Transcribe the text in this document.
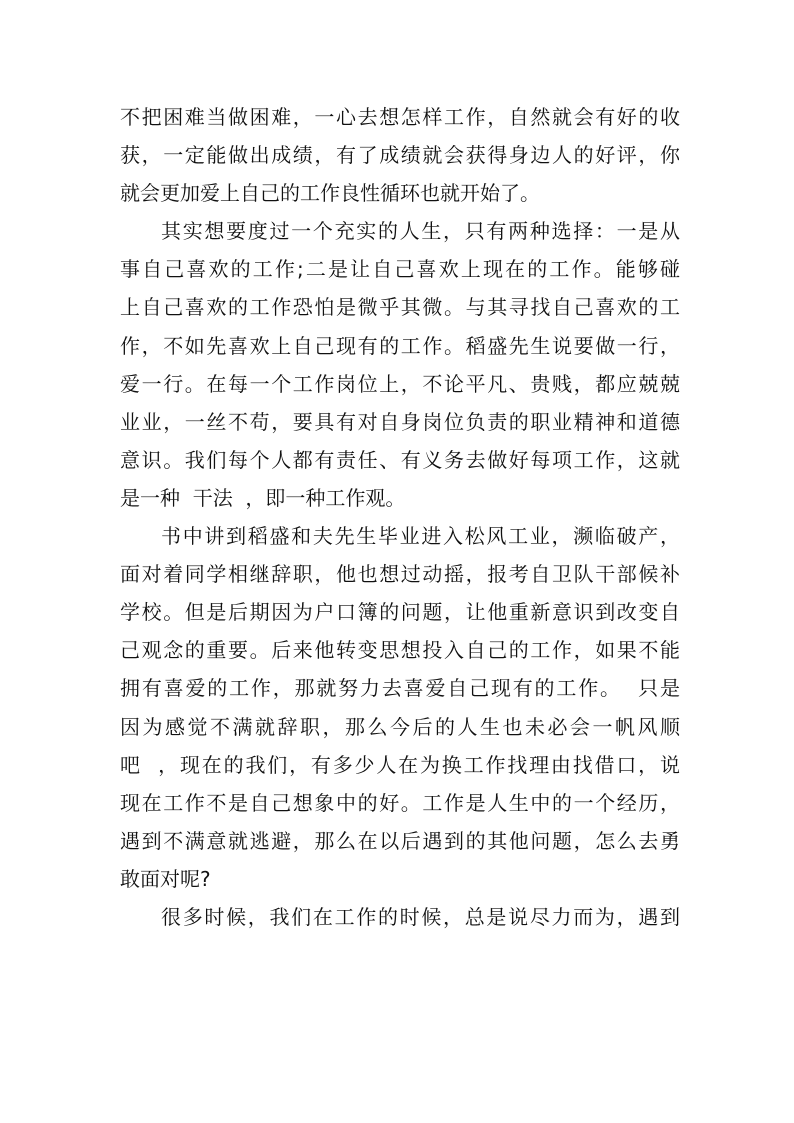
不把困难当做困难，一心去想怎样工作，自然就会有好的收
获，一定能做出成绩，有了成绩就会获得身边人的好评，你
就会更加爱上自己的工作良性循环也就开始了。
其实想要度过一个充实的人生，只有两种选择：一是从
事自己喜欢的工作;二是让自己喜欢上现在的工作。能够碰
上自己喜欢的工作恐怕是微乎其微。与其寻找自己喜欢的工
作，不如先喜欢上自己现有的工作。稻盛先生说要做一行，
爱一行。在每一个工作岗位上，不论平凡、贵贱，都应兢兢
业业，一丝不苟，要具有对自身岗位负责的职业精神和道德
意识。我们每个人都有责任、有义务去做好每项工作，这就
是一种  干法  ，即一种工作观。
书中讲到稻盛和夫先生毕业进入松风工业，濒临破产，
面对着同学相继辞职，他也想过动摇，报考自卫队干部候补
学校。但是后期因为户口簿的问题，让他重新意识到改变自
己观念的重要。后来他转变思想投入自己的工作，如果不能
拥有喜爱的工作，那就努力去喜爱自己现有的工作。  只是
因为感觉不满就辞职，那么今后的人生也未必会一帆风顺
吧  ，现在的我们，有多少人在为换工作找理由找借口，说
现在工作不是自己想象中的好。工作是人生中的一个经历，
遇到不满意就逃避，那么在以后遇到的其他问题，怎么去勇
敢面对呢?
很多时候，我们在工作的时候，总是说尽力而为，遇到
